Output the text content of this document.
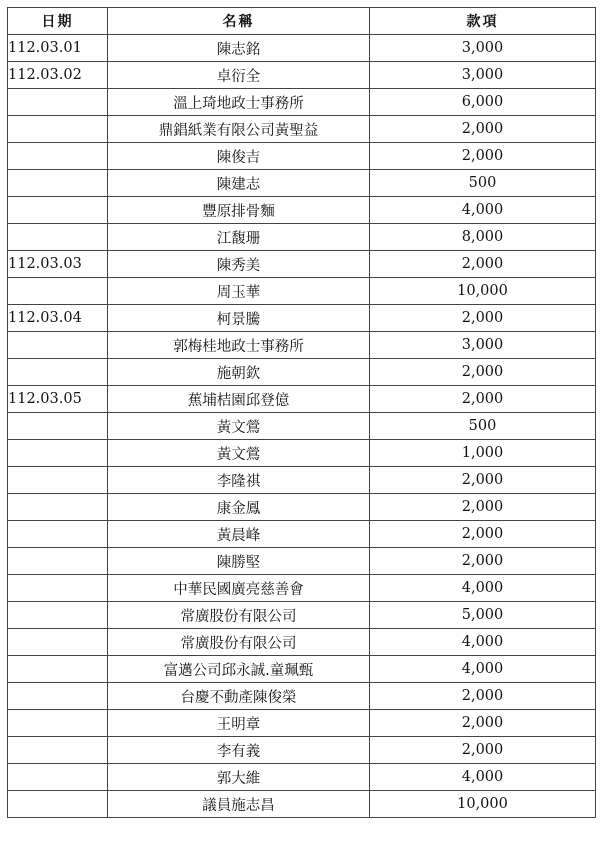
日期	名稱	款項
112.03.01	陳志銘	3,000
112.03.02	卓衍全	3,000
	溫上琦地政士事務所	6,000
	鼎錩紙業有限公司黃聖益	2,000
	陳俊吉	2,000
	陳建志	500
	豐原排骨麵	4,000
	江馥珊	8,000
112.03.03	陳秀美	2,000
	周玉華	10,000
112.03.04	柯景騰	2,000
	郭梅桂地政士事務所	3,000
	施朝欽	2,000
112.03.05	蕉埔桔園邱登億	2,000
	黃文鶯	500
	黃文鶯	1,000
	李隆祺	2,000
	康金鳳	2,000
	黃晨峰	2,000
	陳勝堅	2,000
	中華民國廣亮慈善會	4,000
	常廣股份有限公司	5,000
	常廣股份有限公司	4,000
	富邁公司邱永誠.童珮甄	4,000
	台慶不動產陳俊榮	2,000
	王明章	2,000
	李有義	2,000
	郭大維	4,000
	議員施志昌	10,000
